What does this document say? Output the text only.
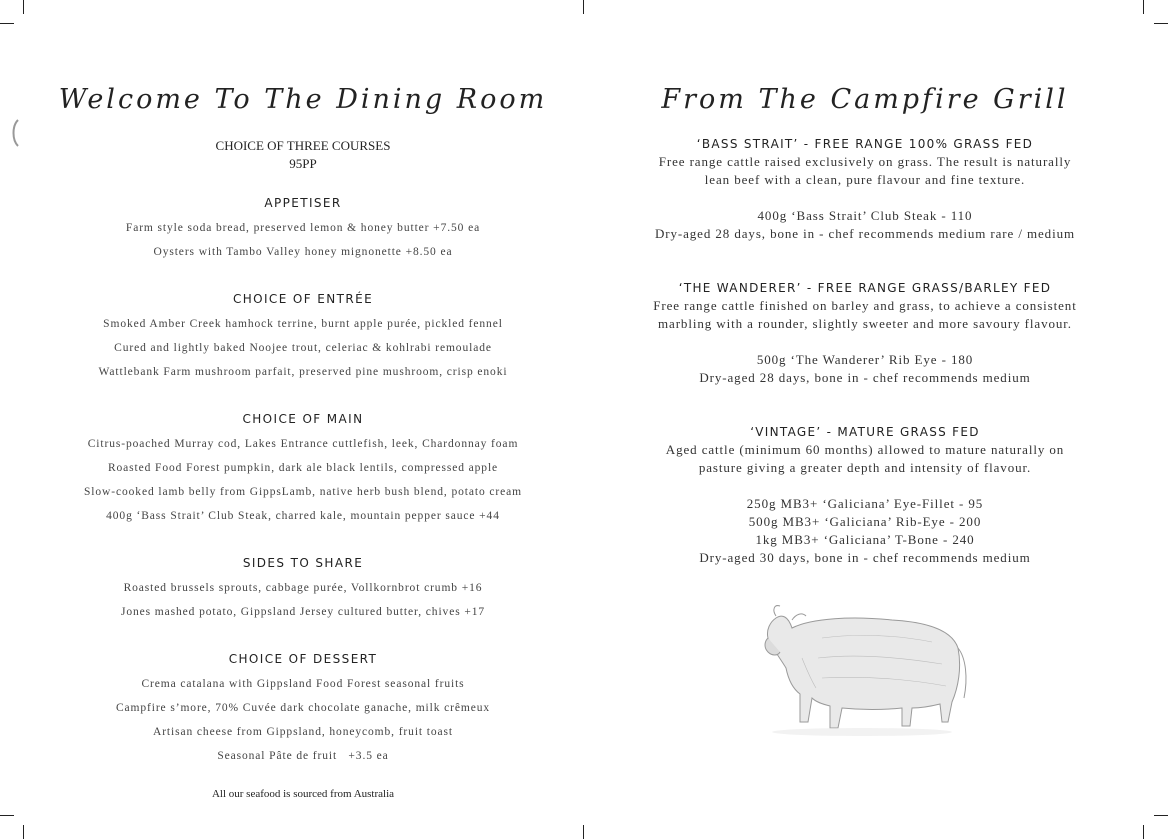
Welcome To The Dining Room
CHOICE OF THREE COURSES
95PP
APPETISER
Farm style soda bread, preserved lemon & honey butter +7.50 ea
Oysters with Tambo Valley honey mignonette +8.50 ea
CHOICE OF ENTRÉE
Smoked Amber Creek hamhock terrine, burnt apple purée, pickled fennel
Cured and lightly baked Noojee trout, celeriac & kohlrabi remoulade
Wattlebank Farm mushroom parfait, preserved pine mushroom, crisp enoki
CHOICE OF MAIN
Citrus-poached Murray cod, Lakes Entrance cuttlefish, leek, Chardonnay foam
Roasted Food Forest pumpkin, dark ale black lentils, compressed apple
Slow-cooked lamb belly from GippsLamb, native herb bush blend, potato cream
400g ‘Bass Strait’ Club Steak, charred kale, mountain pepper sauce +44
SIDES TO SHARE
Roasted brussels sprouts, cabbage purée, Vollkornbrot crumb +16
Jones mashed potato, Gippsland Jersey cultured butter, chives +17
CHOICE OF DESSERT
Crema catalana with Gippsland Food Forest seasonal fruits
Campfire s’more, 70% Cuvée dark chocolate ganache, milk crêmeux
Artisan cheese from Gippsland, honeycomb, fruit toast
Seasonal Pâte de fruit   +3.5 ea
All our seafood is sourced from Australia
From The Campfire Grill
‘BASS STRAIT’ - FREE RANGE 100% GRASS FED
Free range cattle raised exclusively on grass. The result is naturally
lean beef with a clean, pure flavour and fine texture.
400g ‘Bass Strait’ Club Steak - 110
Dry-aged 28 days, bone in - chef recommends medium rare / medium
‘THE WANDERER’ - FREE RANGE GRASS/BARLEY FED
Free range cattle finished on barley and grass, to achieve a consistent
marbling with a rounder, slightly sweeter and more savoury flavour.
500g ‘The Wanderer’ Rib Eye - 180
Dry-aged 28 days, bone in - chef recommends medium
‘VINTAGE’ - MATURE GRASS FED
Aged cattle (minimum 60 months) allowed to mature naturally on
pasture giving a greater depth and intensity of flavour.
250g MB3+ ‘Galiciana’ Eye-Fillet - 95
500g MB3+ ‘Galiciana’ Rib-Eye - 200
1kg MB3+ ‘Galiciana’ T-Bone - 240
Dry-aged 30 days, bone in - chef recommends medium
